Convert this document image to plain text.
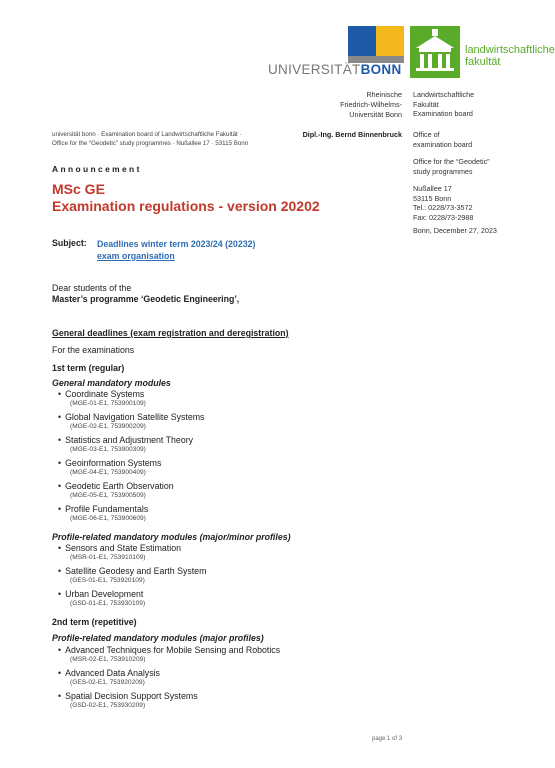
UNIVERSITÄTBONN
landwirtschaftliche
fakultät
Rheinische
Friedrich-Wilhelms-
Universität Bonn
Dipl.-Ing. Bernd Binnenbruck
universität bonn · Examination board of Landwirtschaftliche Fakultät ·
Office for the “Geodetic” study programmes · Nußallee 17 · 53115 Bonn
Landwirtschaftliche
Fakultät
Examination board
Office of
examination board
Office for the “Geodetic”
study programmes
Nußallee 17
53115 Bonn
Tel.: 0228/73-3572
Fax: 0228/73-2988
Bonn, December 27, 2023
Announcement
MSc GE
Examination regulations - version 20202
Subject: Deadlines winter term 2023/24 (20232)
exam organisation
Dear students of the
Master’s programme ‘Geodetic Engineering’,
General deadlines (exam registration and deregistration)
For the examinations
1st term (regular)
General mandatory modules
• Coordinate Systems
(MGE-01-E1, 753900109)
• Global Navigation Satellite Systems
(MGE-02-E1, 753900209)
• Statistics and Adjustment Theory
(MGE-03-E1, 753900309)
• Geoinformation Systems
(MGE-04-E1, 753900409)
• Geodetic Earth Observation
(MGE-05-E1, 753900509)
• Profile Fundamentals
(MGE-06-E1, 753900609)
Profile-related mandatory modules (major/minor profiles)
• Sensors and State Estimation
(MSR-01-E1, 753910109)
• Satellite Geodesy and Earth System
(GES-01-E1, 753920109)
• Urban Development
(GSD-01-E1, 753930109)
2nd term (repetitive)
Profile-related mandatory modules (major profiles)
• Advanced Techniques for Mobile Sensing and Robotics
(MSR-02-E1, 753910209)
• Advanced Data Analysis
(GES-02-E1, 753920209)
• Spatial Decision Support Systems
(GSD-02-E1, 753930209)
page 1 of 3
